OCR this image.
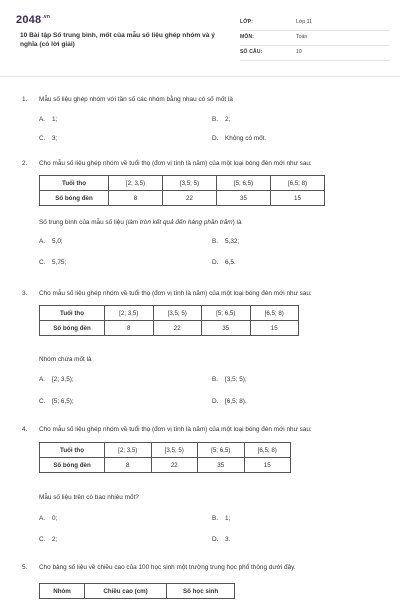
$2048^{.vn}$
10 Bài tập Số trung bình, mốt của mẫu số liệu ghép nhóm và ý nghĩa (có lời giải)
LỚP:	Lớp 11
MÔN:	Toán
SỐ CÂU:	10
1.	Mẫu số liệu ghép nhóm với tần số các nhóm bằng nhau có số mốt là
A. 1;	B. 2;
C. 3;	D. Không có mốt.
2.	Cho mẫu số liệu ghép nhóm về tuổi thọ (đơn vị tính là năm) của một loại bóng đèn mới như sau:
Tuổi thọ	[2; 3,5)	[3,5; 5)	[5; 6,5)	[6,5; 8)
Số bóng đèn	8	22	35	15
Số trung bình của mẫu số liệu (làm tròn kết quả đến hàng phần trăm) là
A. 5,0;	B. 5,32;
C. 5,75;	D. 6,5.
3.	Cho mẫu số liệu ghép nhóm về tuổi thọ (đơn vị tính là năm) của một loại bóng đèn mới như sau:
Tuổi thọ	[2; 3,5)	[3,5; 5)	[5; 6,5)	[6,5; 8)
Số bóng đèn	8	22	35	15
Nhóm chứa mốt là
A. [2; 3,5);	B. [3,5; 5);
C. [5; 6,5);	D. [6,5; 8).
4.	Cho mẫu số liệu ghép nhóm về tuổi thọ (đơn vị tính là năm) của một loại bóng đèn mới như sau:
Tuổi thọ	[2; 3,5)	[3,5; 5)	[5; 6,5)	[6,5; 8)
Số bóng đèn	8	22	35	15
Mẫu số liệu trên có bao nhiêu mốt?
A. 0;	B. 1;
C. 2;	D. 3.
5.	Cho bảng số liệu về chiều cao của 100 học sinh một trường trung học phổ thông dưới đây.
Nhóm	Chiều cao (cm)	Số học sinh
